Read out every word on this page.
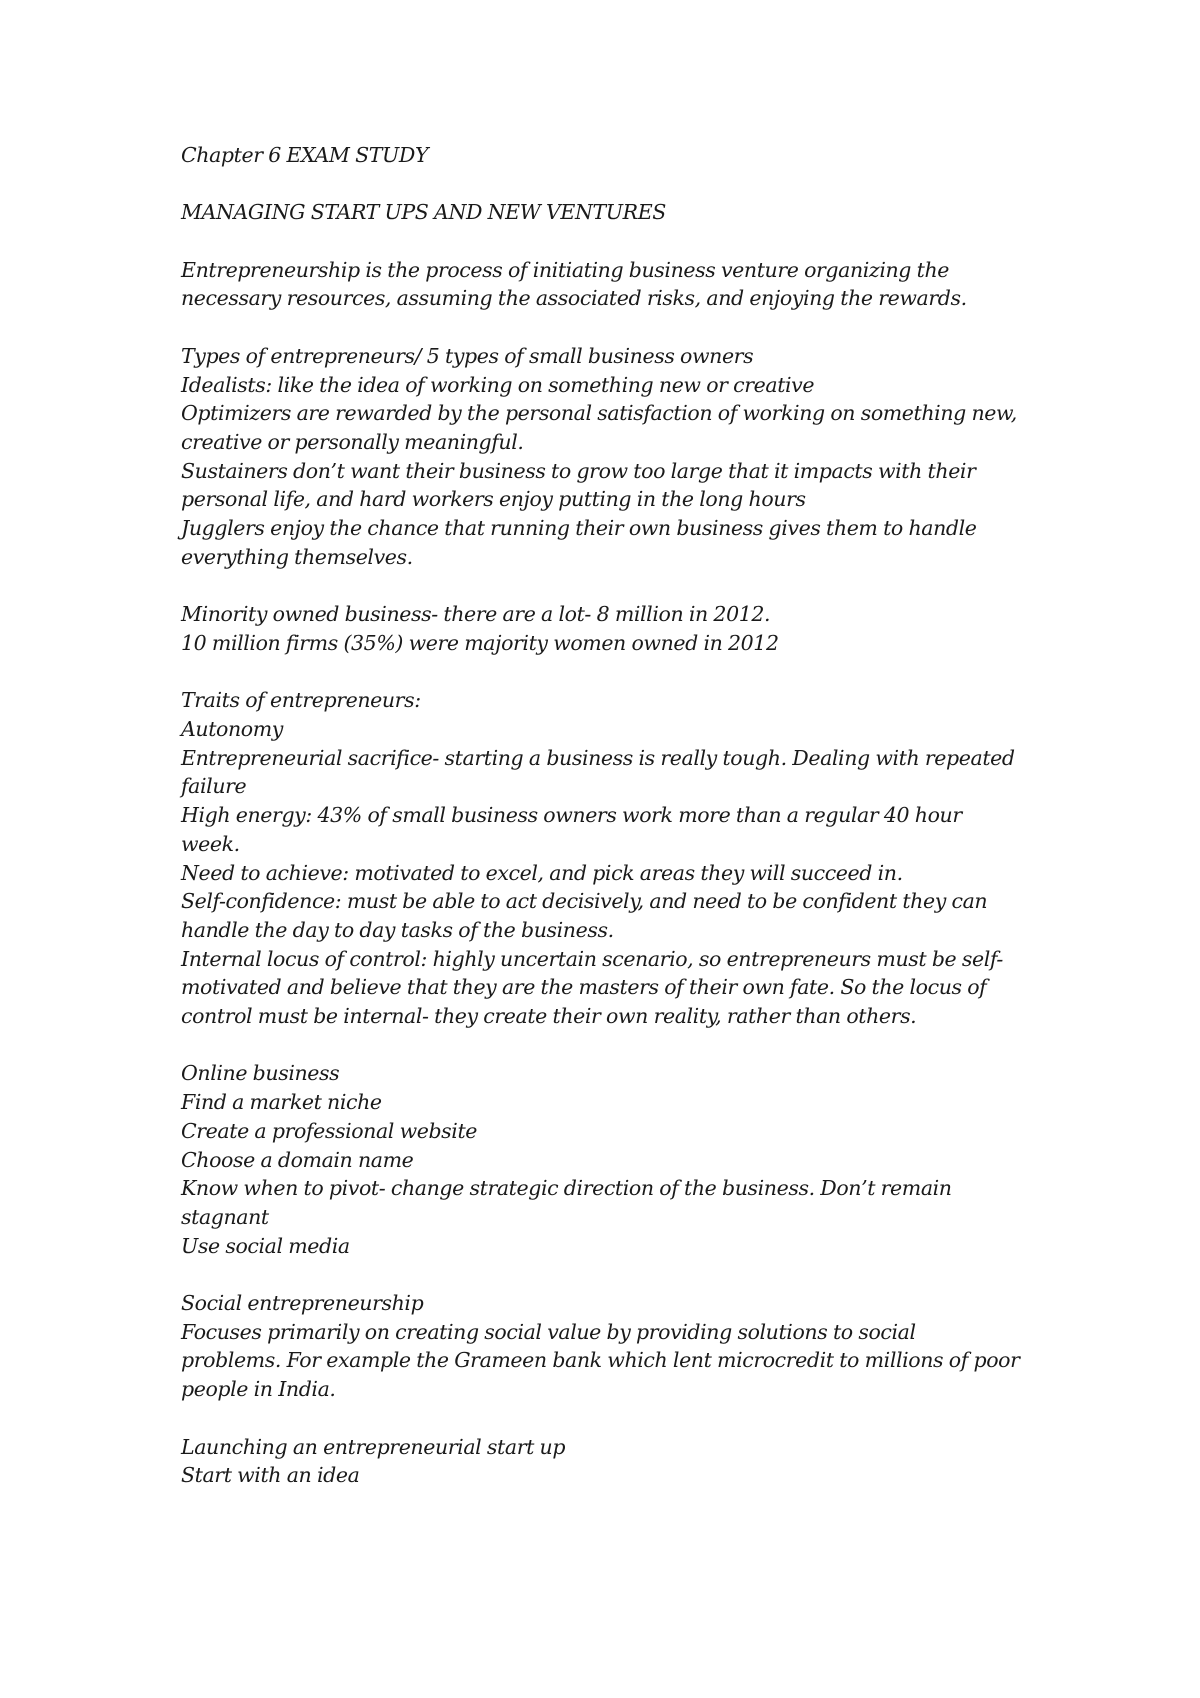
Chapter 6 EXAM STUDY

MANAGING START UPS AND NEW VENTURES

Entrepreneurship is the process of initiating business venture organizing the
necessary resources, assuming the associated risks, and enjoying the rewards.

Types of entrepreneurs/ 5 types of small business owners
Idealists: like the idea of working on something new or creative
Optimizers are rewarded by the personal satisfaction of working on something new,
creative or personally meaningful.
Sustainers don’t want their business to grow too large that it impacts with their
personal life, and hard workers enjoy putting in the long hours
Jugglers enjoy the chance that running their own business gives them to handle
everything themselves.

Minority owned business- there are a lot- 8 million in 2012.
10 million firms (35%) were majority women owned in 2012

Traits of entrepreneurs:
Autonomy
Entrepreneurial sacrifice- starting a business is really tough. Dealing with repeated
failure
High energy: 43% of small business owners work more than a regular 40 hour
week.
Need to achieve: motivated to excel, and pick areas they will succeed in.
Self-confidence: must be able to act decisively, and need to be confident they can
handle the day to day tasks of the business.
Internal locus of control: highly uncertain scenario, so entrepreneurs must be self-
motivated and believe that they are the masters of their own fate. So the locus of
control must be internal- they create their own reality, rather than others.

Online business
Find a market niche
Create a professional website
Choose a domain name
Know when to pivot- change strategic direction of the business. Don’t remain
stagnant
Use social media

Social entrepreneurship
Focuses primarily on creating social value by providing solutions to social
problems. For example the Grameen bank which lent microcredit to millions of poor
people in India.

Launching an entrepreneurial start up
Start with an idea
